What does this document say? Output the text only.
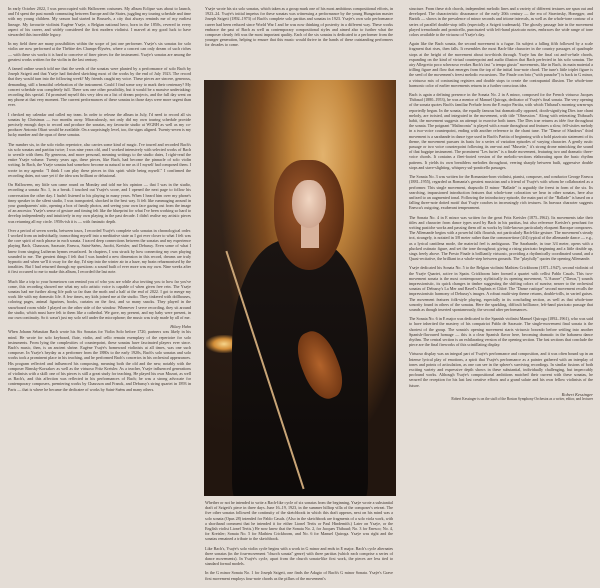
In early October 2022, I was preoccupied with Halloween costumes. My album Eclipse was about to launch, and I'd spent the past month commuting between Europe and the States, juggling my touring schedule and time with my young children. My season had started in Brussels, a city that always reminds me of my earliest lineage. My favourite violinist Eugène Ysaÿe, a Belgian national hero, born in the 1850s, revered in every aspect of his career, and widely considered the first modern violinist. I marvel at my good luck to have stewarded this incredible legacy.

In my field there are many possibilities within the scope of just one performer. Ysaÿe's six sonatas for solo violin are now performed at the Théâtre des Champs-Élysées, where a concert can only dream of such riches — with these six works it is hard to conceive of finer pieces for the instrument. Ysaÿe's sonatas are among the greatest works written for the violin in the last century.

A famed online search told me that the seeds of the sonatas were planted by a performance of solo Bach by Joseph Szigeti and that Ysaÿe had finished sketching most of the works by the end of July 1923. The record that they would turn into the following week? My friends caught my voice. These pieces are sincere, generous, demanding, still a beautiful celebration of the instrument. Could I find some way to mark their centenary? My concert schedule was completely full. There was one other possibility, but it would be a massive undertaking: recording this special. I'd promised myself this very idea on a list of dream projects, and the full day went on my phone at that very moment. The current performances of these sonatas in those days were more urgent than ever.

I checked my calendar and called my team. In order to release the album in July, I'd need to record all six sonatas by Christmas — two months away. Miraculously, not only did my own touring schedule provide precisely enough days to record and produce the sonatas, my favourite studio at WGBH as well as my co-producer Antonio Oliart would be available. On a surprisingly level, too, the signs aligned. Twenty-seven is my lucky number and the opus of these sonatas.

The number six, in the solo violin repertoire, also carries some kind of magic. I've toured and recorded Bach's six solo sonatas and partitas twice; I was nine years old, and I worked intensively with selected works of Bach to wrestle with them. By generous, and more personal, meaning writings to the studio dates, I right-read the entire Ysaÿe volume. Twenty years ago, these pieces, like Bach, had become the pinnacle of solo violin writing. In Bach, the Ysaÿe sonatas had somehow become as natural to me as if I myself had composed them. I wrote in my agenda: "I think I can play these pieces in this spirit while being myself." I confirmed the recording dates, not sure yet if the idea was brilliant or delusional.

On Halloween, my little son came round on Monday and told me his opinion — that I was in the studio, recording a sonata No. 1, in a break. I touched out Ysaÿe's score, and I opened the next page to follow his conversation the other day. I hadn't listened to his playing in many years. When I heard him over my phone's tinny speaker in the silent studio, I was transported, shocked in the best way. It felt like rummaging around in your grandparents' attic, opening a box of family photos, and seeing your own face gazing out from the image of an ancestor. Ysaÿe's sense of gesture and timing felt like the blueprint for what I've been working so hard to develop independently and intuitively in my own playing in the past decade. I didn't realise my artistic pieces was returning all my circle. 1950s-ish it is — with fantastic depth.

Over a period of seven weeks, between tours, I recorded Ysaÿe's complete solo sonatas in chronological order. I worked from an individually, transcribing myself into a meditative state as I got ever closer to what I felt was the core spirit of each phrase in each sonata. I traced deep connections between the sonatas and my experience playing Bach, Chausson, Sarasate, Enescu, Saint-Saëns, Jacobi, Kreisler, and Debussy. Even some of what I knew from singing Lutheran hymns resurfaced. In chapters, I was struck by how connecting my own playing sounded to me. The greatest things I felt that I was handed a new dimension in this record, dreams are truly hypnotic and when we'll it sway for the day, I'd step into the winter air in a haze, my brain reharmonised by the tonalities. But I had returned through my questions: a sound built of ever more was my own. Nine weeks after it first occurred to me to make this album, I recorded the last note.

Much like a trip to your hometown can remind you of who you are while also inviting you to how far you've come, this recording showed me what my solo artistic voice is capable of when given free rein. The Ysaÿe sonatas had me further along life path so far than the moth and a half at the end of 2022. I got to merge my work life with my domestic life. A few times, my kids joined me at the studio. They tinkered with dollhouses, coloring pages, animal figurines, books, curtains on the first, and so many snacks. They played in the snowboard room while I played on the other side of the window. Whenever I serve recording, they sit around the studio, which must have felt to them like a cathedral. We gave, my present, and my baby were present, in our own continuity. So it wasn't just my solo self under the microphone; the music was truly made by all of me.

Hilary Hahn

When Johann Sebastian Bach wrote his Six Sonatas for Violin Solo before 1720, partners was likely in his mind. He wrote for solo keyboard, flute, violin, and cello remain exemplary of the repertoire for solo instruments. From lying the complexities of counterpoint, these sonatas have fascinated players ever since. Bach's music, then, is an ancient shrine. Eugène Ysaÿe's homeward violinists at all times, was one such composer. In Ysaÿe's heyday as a performer from the 1880s to the early 1920s, Bach's solo sonatas and solo works took a prominent place in his teaching, and he performed Bach's concertos in his orchestral appearances. His program reflected and influenced his composing, meaning both the old and the new, notably with the composer Rimsky-Korsakov as well as the virtuoso Fritz Kreisler. As a teacher, Ysaÿe influenced generations of violinists with a skill: one of his pieces is still a great study for teaching. He played his own Mozart, as well as Bach's, and this affection was reflected in his performances of Bach; he was a strong advocate for contemporary composers, premiering works by Chausson and Franck, and Debussy's string quartet in 1893 in Paris — that is where he became the dedicatee of works by Saint-Saëns and many others.

Ysaÿe wrote his six solo sonatas, which taken as a group mark one of his most ambitious compositional efforts, in 1923–24. Ysaÿe's initial impetus for these sonatas was witnessing a performance by the young Hungarian master Joseph Szigeti (1892–1973) of Bach's complete solo partitas and sonatas in 1923. Ysaÿe's own solo performance career had been reduced since World War I and he was now thinking of posterity in a different way. These works embrace the past of Bach as well as contemporary compositional styles and aimed also to further what the composer clearly felt was the most important quality. Each of the six sonatas is dedicated to a performer from the younger generation, helping to ensure that this music would thrive in the hands of these outstanding performers for decades to come.

Whether or not he intended to write a Bach-like cycle of six sonatas from the beginning, Ysaÿe wrote a substantial draft of Szigeti's piece in three days. June 16–19, 1923, in the summer hilltop villa of the composer's retreat. The five other sonatas followed the continuity of the sketchbook in which this draft appears, next on his mind was a solo sonata (Opus 28) intended for Pablo Casals. (Also in the sketchbook are fragments of a solo viola work, with a shorthand comment that he intended it for either Lionel Tertis or Paul Hindemith.) Later on Ysaÿe, or the English violist Lionel Tertis.) He now knew that the Sonata No. 2, for Jacques Thibaud; No. 3 for Enesco; No. 4, for Kreisler; Sonata No. 5 for Mathieu Crickboom, and No. 6 for Manuel Quiroga. Ysaÿe was right and the sonatas remained a tribute to the sketchbook.

Like Bach's, Ysaÿe's solo violin cycle begins with a work in G minor and ends in E major. Bach's cycle alternates three sonatas (in the four-movement "church sonata" genre) with three partitas (which each comprise a series of dance movements). In Ysaÿe's cycle, apart from the church sonata-like first work, the pieces are less tied to standard formal models.

In the G minor Sonata No. 1 for Joseph Szigeti, one finds the Adagio of Bach's G minor Sonata. Ysaÿe's Grave first movement employs four-note chords as the pillars of the movement's

structure. From these rich chords, independent melodic lines and a variety of different textures are spun out and developed. The characteristic dissonance of the early 20th century — the era of Stravinsky, Honegger, and Bartók — shows in the prevalence of minor seconds and tritone intervals, as well as the whole-tone contour of a series of parallel double-stop trills (especially a Szigeti trademark). The ghostly passage late in the movement played tremolando and ponticello, punctuated with left-hand pizzicato notes, embraces the wide range of tone colors available to the virtuoso of Ysaÿe's day.

Again like the Bach sonata, the second movement is a fugue. Its subject a falling fifth followed by a scale fragment that rises, then falls. It resembles the most Bach-like character in the country passages of quadruple stops at the height of the movement about two-thirds through. Ysaÿe has the final cat and-or-bale chords, expanding on the kind of virtual counterpoint and audio illusion that Bach perfected in his solo sonatas. The airy Allegretto poco scherzoso evokes Bach's fast "a tempo giusto" movements, like in Bach, its main material a trilling figure and flow that emerges from the top of the initial four-note chord. The tune's little triplet figure is the seed of the movement's freest melodic excursions. The Finale con brio ("with panache") is back in G minor, a virtuoso mix of contrasting registers and double stops to create the contrapuntal illusion. The whole-tone harmonic color of earlier movements returns in a further conscious idea.

Bach is again a defining presence in the Sonata No. 2 in A minor, composed for the French virtuoso Jacques Thibaud (1880–1953), he was a mentor of Manuel Quiroga, dedicator of Ysaÿe's final sonata. The very opening of the sonata quotes Bach's familiar Prelude from the E major Partita, with which Thibaud's morning warm-ups reportedly began. In the sonata, the equally famous but dramatically opposed, dooth-signifying Dies irae chant melody, are twisted, and integrated in the movement, with title "Obsession." Along with reiterating Thibaud's habit, the movement suggests an attempt to exorcise both tunes. The Dies irae returns as idée fixe throughout the sonata. The poignant "Malinconia" is played with a mute throughout and features a slow, fell-sixties melody in a two-voice counterpoint, ending with another reference to the chant tune. The "Danse of Shadows" third movement is a sarabande in dance type used in Bach's Partita of beginning with a bold pizzicato statement of its theme, the movement pursues its basis for a series of variation episodes of varying character. A gently rustic passage or two voice counterpoint following its one-out and "Musette," it's strong drone mimicking the sound of that bagpipe instrument. The prominent "Les furies" is a finale movement, featuring two and dramatic three-voice chords. It contains a fleet-footed version of the melodic-sections elaborating upon the basic rhythm patterns. It yields its own breathless melodies throughout, veering sharply between built, aggressive double stops and stave-slighting, whispery sul-ponticello passages.

The Sonata No. 3 was written for the Romanian-born violinist, pianist, composer, and conductor George Enescu (1881–1955), regarded as Romania's greatest musician and a friend of Ysaÿe's with whom he collaborated as a performer. This single movement, rhapsodic D minor "Ballade" is arguably the freest in form of the six. Its searching, impassioned introduction features that whole-tone coloration we hear in other sonatas, here also unfixed to an augmented tonal. Following the introductory episode, the main part of the "Ballade" is based on a falling three-note dotted motif that Ysaÿe coaches in increasingly rich textures. Its bravura character suggests Enescu's outgoing, exuberant temperament.

The Sonata No. 4 in E minor was written for the great Fritz Kreisler (1875–1962). Its movements take their titles and character from dance types used by Bach in his partitas, but also reference Kreisler's penchant for writing pastiche works and passing them off as works by little-known particularly eloquent Baroque composers. The Allemande begins with a powerful falls flourish, not particularly Bach-like gesture. The movement's steady trot, strangely, is notated in 3/8 meter rather than the common-time (4/4) typical of the allemande dance — e.g., as a lyrical cantilena mode, the material feel is ambiguous. The Sarabande, in true 3/4 meter, opens with a plucked ostinato figure, and set the tone throughout; giving a rising pizzicato beginning and a little double up, sings freely above. The Presto Finale is brilliantly virtuosic, providing a rhythmically coordinated sound, and a Quasi-recitative, the brilliant in a whole-step between grounds. The "playfully" quotes the opening Allemande.

Ysaÿe dedicated his Sonata No. 5 to the Belgian violinist Mathieu Crickboom (1871–1947), second violinist of the Ysaÿe Quartet, active in Spain. Crickboom later formed a quartet with cellist Pablo Casals. This two-movement sonata is the most contemporary stylistically its opening movement, "L'Aurore" ("Dawn,") sounds impressionistic, its quick changes in timbre suggesting the shifting colors of sunrise, nearer to the orchestral sonatas of Debussy's La Mer and Ravel's Daphnis et Chloé. The "Danse rustique" second movement recalls the impressionistic harmony of Debussy's images. A robust multi-step theme returns, double-trills, in varied guises. The movement features folk-style playing, especially in its concluding section, as well as that whole-tone sonority found in others of the sonatas. Here the sparkling, difficult brilliance, left-hand pizzicato passage that sounds as though inserted spontaneously, the second after performances.

The Sonata No. 6 in E major was dedicated to the Spanish violinist Manuel Quiroga (1892–1961), who was said to have inherited the mastery of his compatriot Pablo de Sarasate. The single-movement final sonata is the shortest of the group. The sonata's opening movement starts virtuosic bravado before settling into another Spanish-flavoured homage — this is a clear Spanish flavor here, becoming dramatic in the habanera dance rhythm. The central section is an exhilarating version of the opening section. The fast sections that conclude the piece are the final fireworks of this scintillating display.

Virtuoso display was an integral part of Ysaÿe's performance and composition, and it was often bound up in an Intense lyrical play of emotions, a spirit that Ysaÿe's performance as a painter gathered with an interplay of tones and points of articulation, as one can see in the sphere's surviving recordings. In similar fusions of both exciting variety and expressive depth shows in these substantial, individually challenging, but impeccably profound works. Although Ysaÿe's compositional ambitions matched their current with these sonatas, he secured the reception for his last last creative efforts and a grand salute and his own fellow violinists of the future.

Robert Kessinger
Robert Kessinger is on the staff of the Boston Symphony Orchestra as a writer, editor, and lecturer
